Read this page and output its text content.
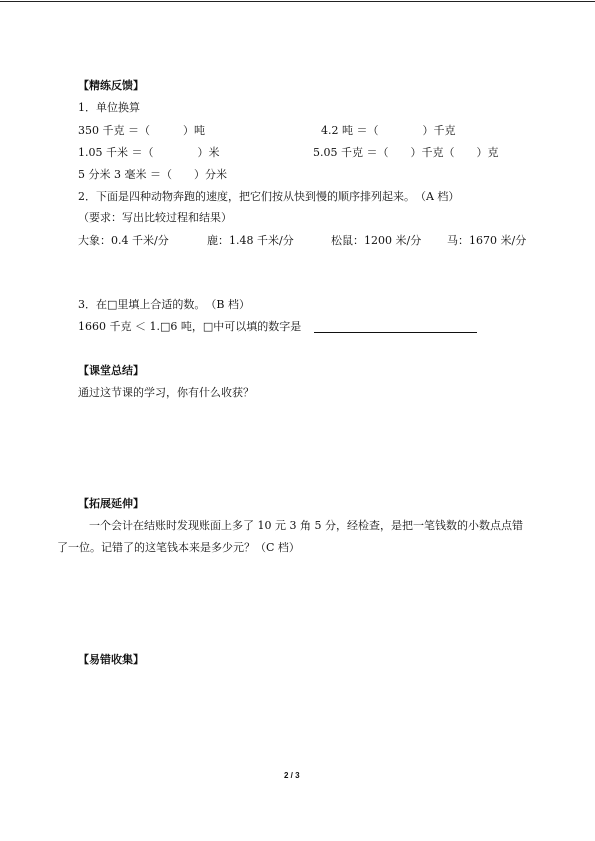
【精练反馈】
1．单位换算
350 千克 ＝（　　　）吨	4.2 吨 ＝（　　　　）千克
1.05 千米 ＝（　　　　）米	5.05 千克 ＝（　　）千克（　　）克
5 分米 3 毫米 ＝（　　）分米
2．下面是四种动物奔跑的速度，把它们按从快到慢的顺序排列起来。　（A 档）
（要求：写出比较过程和结果）
大象：0.4 千米/分	鹿：1.48 千米/分	松鼠：1200 米/分 马：1670 米/分
3．在□里填上合适的数。　（B 档）
1660 千克 ＜ 1.□6 吨，□中可以填的数字是
【课堂总结】
通过这节课的学习，你有什么收获？
【拓展延伸】
一个会计在结账时发现账面上多了 10 元 3 角 5 分，经检查，是把一笔钱数的小数点点错
了一位。记错了的这笔钱本来是多少元？（C 档）
【易错收集】
2 / 3
